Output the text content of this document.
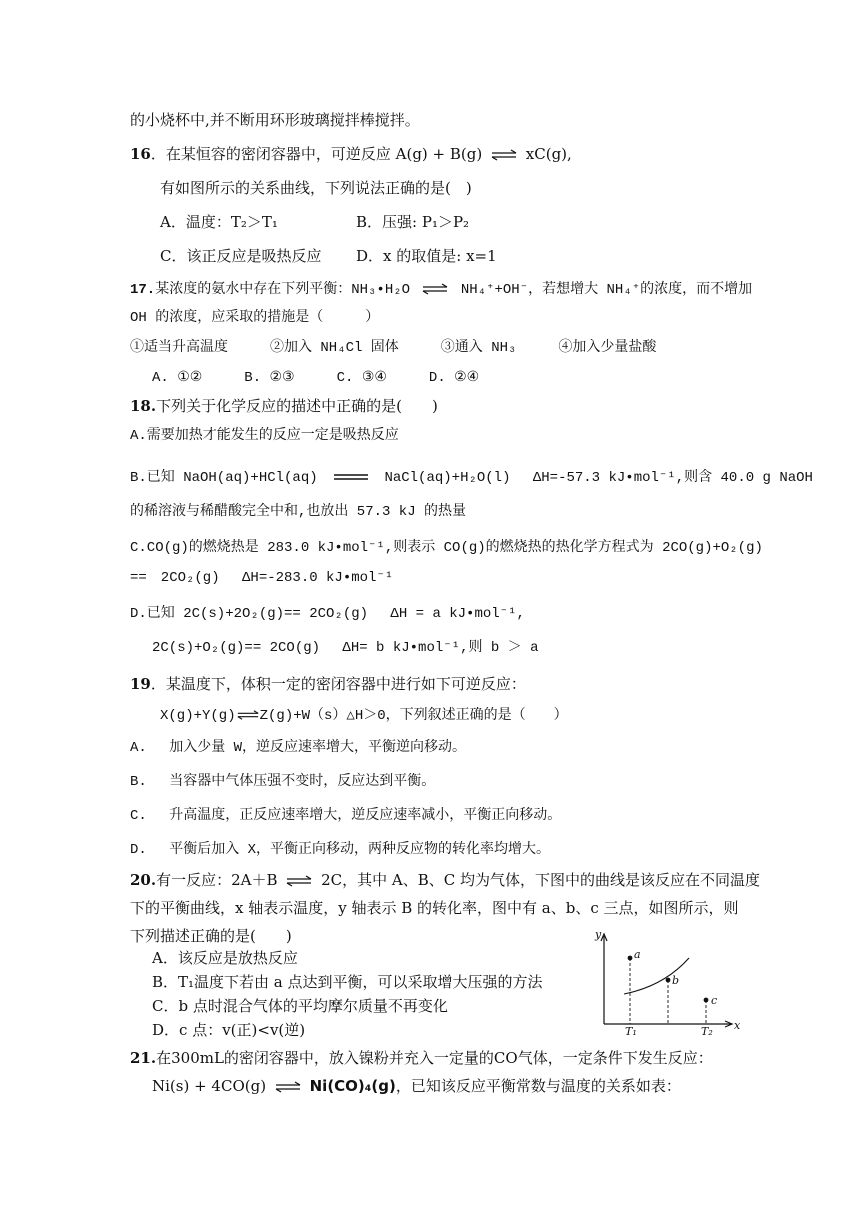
的小烧杯中,并不断用环形玻璃搅拌棒搅拌。
16．在某恒容的密闭容器中，可逆反应 A(g) + B(g) ⇌ xC(g),
有如图所示的关系曲线，下列说法正确的是(　)
A．温度：T₂＞T₁	B．压强: P₁＞P₂
C．该正反应是吸热反应 D．x 的取值是: x=1
17.某浓度的氨水中存在下列平衡：NH₃•H₂O ⇌ NH₄⁺+OH⁻，若想增大 NH₄⁺的浓度，而不增加
OH 的浓度，应采取的措施是（　　　）
①适当升高温度　　　②加入 NH₄Cl 固体　　　③通入 NH₃　　　④加入少量盐酸
A. ①②　　　B. ②③　　　C. ③④　　　D. ②④
18.下列关于化学反应的描述中正确的是(　　)
A.需要加热才能发生的反应一定是吸热反应
B.已知 NaOH(aq)+HCl(aq)	NaCl(aq)+H₂O(l)　 ΔH=-57.3 kJ•mol⁻¹,则含 40.0 g NaOH
的稀溶液与稀醋酸完全中和,也放出 57.3 kJ 的热量
C.CO(g)的燃烧热是 283.0 kJ•mol⁻¹,则表示 CO(g)的燃烧热的热化学方程式为 2CO(g)+O₂(g)
==　2CO₂(g)　 ΔH=-283.0 kJ•mol⁻¹
D.已知 2C(s)+2O₂(g)== 2CO₂(g)　 ΔH = a kJ•mol⁻¹,
2C(s)+O₂(g)== 2CO(g)　 ΔH= b kJ•mol⁻¹,则 b ＞ a
19．某温度下，体积一定的密闭容器中进行如下可逆反应：
X(g)+Y(g)⇌Z(g)+W（s）△H＞0，下列叙述正确的是（　　）
A.　 加入少量 W，逆反应速率增大，平衡逆向移动。
B.　 当容器中气体压强不变时，反应达到平衡。
C.　 升高温度，正反应速率增大，逆反应速率减小，平衡正向移动。
D.　 平衡后加入 X，平衡正向移动，两种反应物的转化率均增大。
20.有一反应：2A＋B ⇌ 2C，其中 A、B、C 均为气体，下图中的曲线是该反应在不同温度
下的平衡曲线，x 轴表示温度，y 轴表示 B 的转化率，图中有 a、b、c 三点，如图所示，则
下列描述正确的是(　　)
A．该反应是放热反应
B．T₁温度下若由 a 点达到平衡，可以采取增大压强的方法
C．b 点时混合气体的平均摩尔质量不再变化
D．c 点：v(正)<v(逆)
y
x
a
b
c
T₁	T₂
21.在300mL的密闭容器中，放入镍粉并充入一定量的CO气体，一定条件下发生反应：
Ni(s) + 4CO(g) ⇌ Ni(CO)₄(g)，已知该反应平衡常数与温度的关系如表：
